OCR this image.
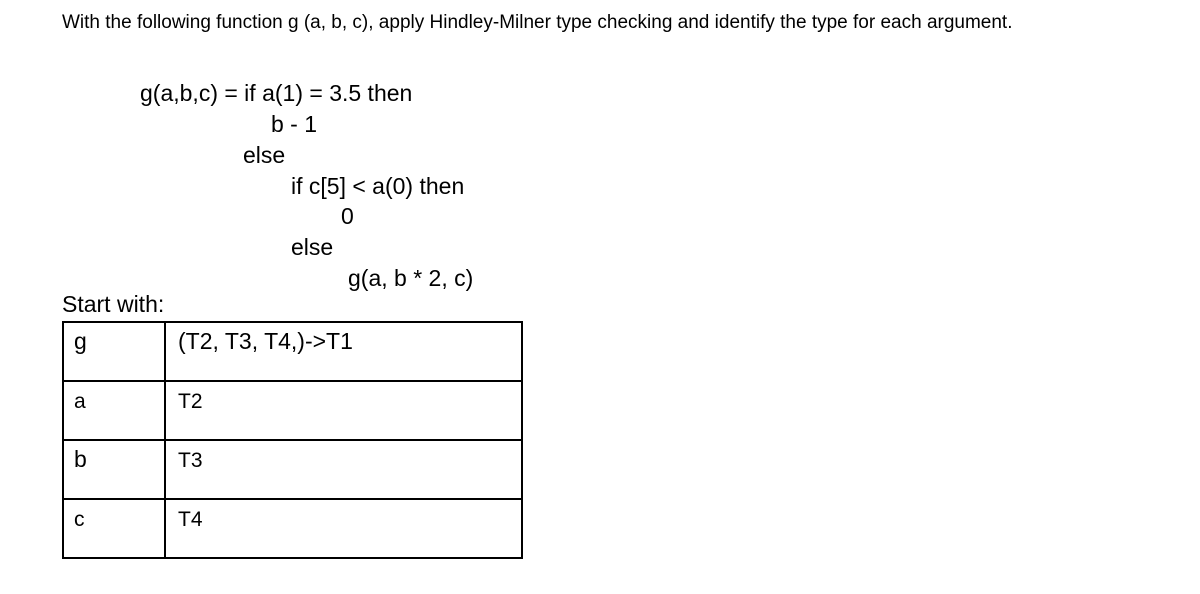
With the following function g (a, b, c), apply Hindley-Milner type checking and identify the type for each argument.
g(a,b,c) = if a(1) = 3.5 then
b - 1
else
if c[5] < a(0) then
0
else
g(a, b * 2, c)
Start with:
g	(T2, T3, T4,)->T1

a	T2

b	T3

c	T4
